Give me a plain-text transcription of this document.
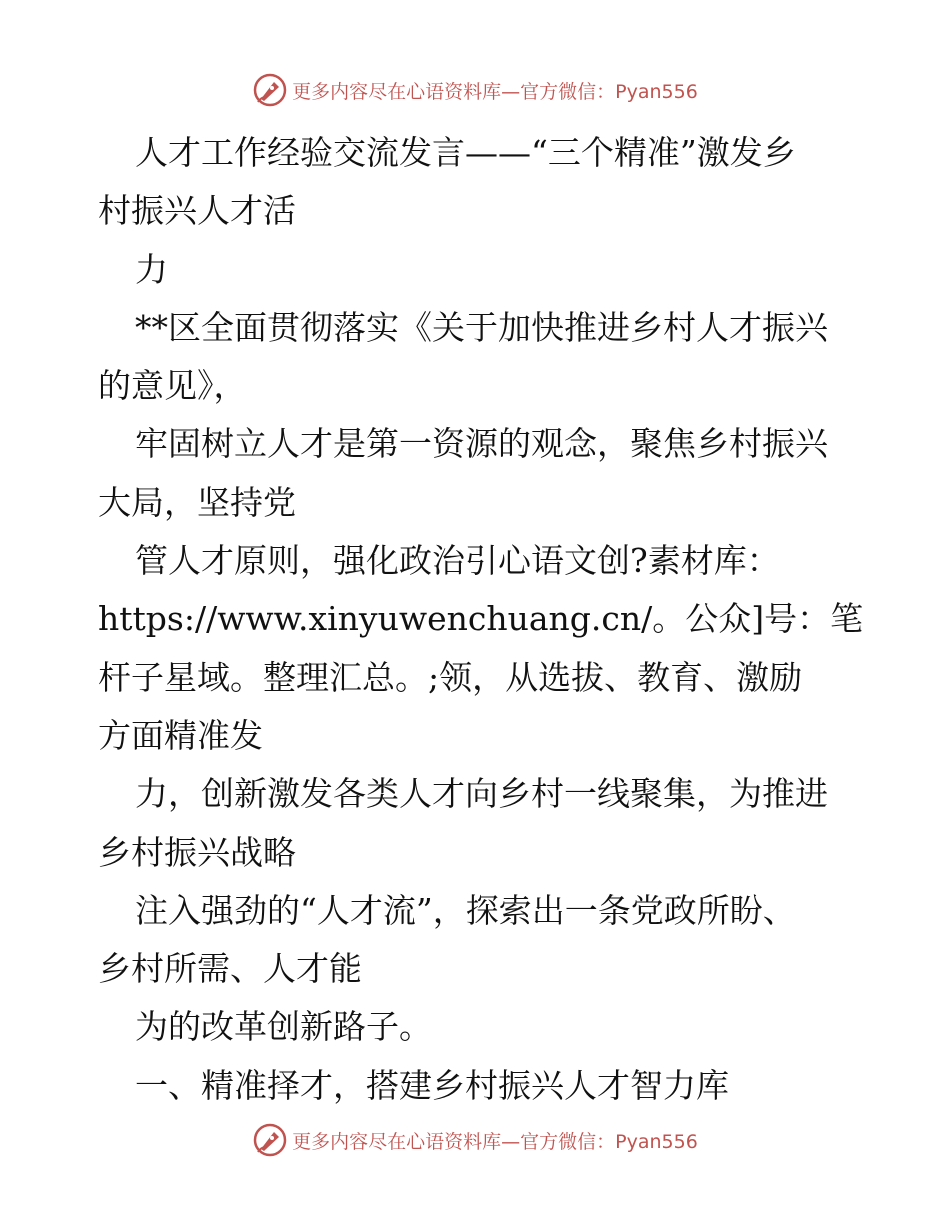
更多内容尽在心语资料库—官方微信：Pyan556

人才工作经验交流发言——“三个精准”激发乡

村振兴人才活

力

**区全面贯彻落实《关于加快推进乡村人才振兴

的意见》，

牢固树立人才是第一资源的观念，聚焦乡村振兴

大局，坚持党

管人才原则，强化政治引心语文创?素材库：

https://www.xinyuwenchuang.cn/。公众]号：笔

杆子星域。整理汇总。;领，从选拔、教育、激励

方面精准发

力，创新激发各类人才向乡村一线聚集，为推进

乡村振兴战略

注入强劲的“人才流”，探索出一条党政所盼、

乡村所需、人才能

为的改革创新路子。

一、精准择才，搭建乡村振兴人才智力库

更多内容尽在心语资料库—官方微信：Pyan556
